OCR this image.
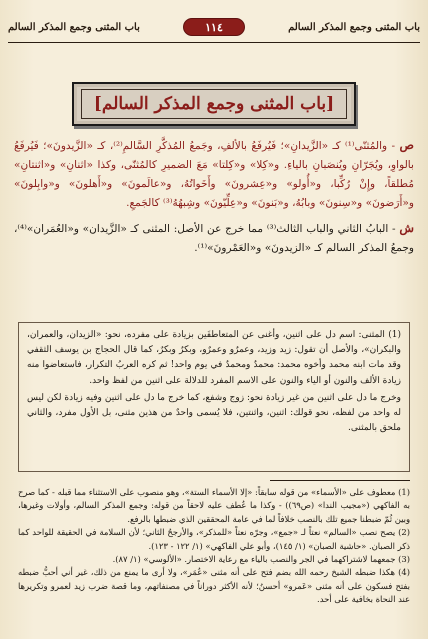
باب المثنى وجمع المذكر السالم
١١٤
باب المثنى وجمع المذكر السالم
[باب المثنى وجمع المذكر السالم]

ص - والمُثنّى⁽¹⁾ كـ «الزَّيدانِ»؛ فَيُرفَعُ بالألفِ، وجَمعُ المُذكَّرِ السَّالمِ⁽²⁾، كـ «الزَّيدونَ»؛ فَيُرفَعُ بالواوِ، ويُجَرّانِ ويُنصَبانِ بالياءِ. و«كِلا» و«كِلتا» مَعَ الضميرِ كالمُثنّى، وكذا «اثنانِ» و«اثنتانِ» مُطلقاً، وإِنْ رُكِّبا، و«أُولو» و«عِشرونَ» وأَخَواتُهُ، و«عالَمونَ» و«أَهلونَ» و«وابِلونَ» و«أَرَضونَ» و«سِنونَ» وبابُهُ، و«بَنونَ» و«عِلِّيّونَ» وشِبهُهُ⁽³⁾ كالجَمعِ.

ش - البابُ الثاني والباب الثالث⁽³⁾ مما خرج عن الأصل: المثنى كـ «الزَّيدان» و«العُمَران»⁽⁴⁾، وجمعُ المذكر السالم كـ «الزيدونَ» و«العَمْرونَ»⁽¹⁾.

(1) المثنى: اسم دل على اثنين، وأغنى عن المتعاطفَين بزيادة على مفرده، نحو: «الزيدان، والعمران، والبكران»، والأصل أن تقول: زيد وزيد، وعمرٌو وعمرٌو، وبكرٌ وبكرٌ، كما قال الحجاج بن يوسف الثقفي وقد مات ابنه محمد وأخوه محمد: محمدٌ ومحمدٌ في يوم واحد! ثم كره العربُ التكرار، فاستعاضوا منه زيادة الألف والنون أو الياء والنون على الاسم المفرد للدلالة على اثنين من لفظ واحد.

وخرج ما دل على اثنين من غير زيادة نحو: زوج وشفع، كما خرج ما دل على اثنين وفيه زيادة لكن ليس له واحد من لفظه، نحو قولك: اثنين، واثنتين، فلا يُسمى واحدٌ من هذين مثنى، بل الأول مفرد، والثاني ملحق بالمثنى.

(1) معطوف على «الأسماء» من قوله سابقاً: «إلا الأسماء الستة»، وهو منصوب على الاستثناء مما قبله - كما صرح به الفاكهي («مجيب الندا» (ص٦٩)) - وكذا ما عُطف عليه لاحقاً من قوله: وجمع المذكر السالم، وأولات وغيرها، وبين ثُمّ ضبطنا جميع تلك بالنصب خلافاً لما في عامة المحققين الذي ضبطها بالرفع.

(2) يصح نصب «السالم» نعتاً لـ «جمع»، وجرّه نعتاً «للمذكر»، والأرجحُ الثاني؛ لأن السلامة في الحقيقة للواحد كما ذكر الصبان. «حاشية الصبان» (١/ ١٤٥)، وأبو علي الفاكهي» (١/ ١٢٢ - ١٢٣).

(3) جمعهما لاشتراكهما في الجر والنصب بالياء مع رعاية الاختصار. «الألوسي» (١/ ٨٧).

(4) هكذا ضبطه الشيخ رحمه الله بضم فتح على أنه مثنى «عُمَر»، ولا أرى ما يمنع من ذلك، غير أني أحبُّ ضبطه بفتح فسكون على أنه مثنى «عَمرو» أحسنُ؛ لأنه الأكثر دوراناً في مصنفاتهم، وما قصة ضرب زيد لعمرو وتكريرها عند النحاة بخافية على أحد.
